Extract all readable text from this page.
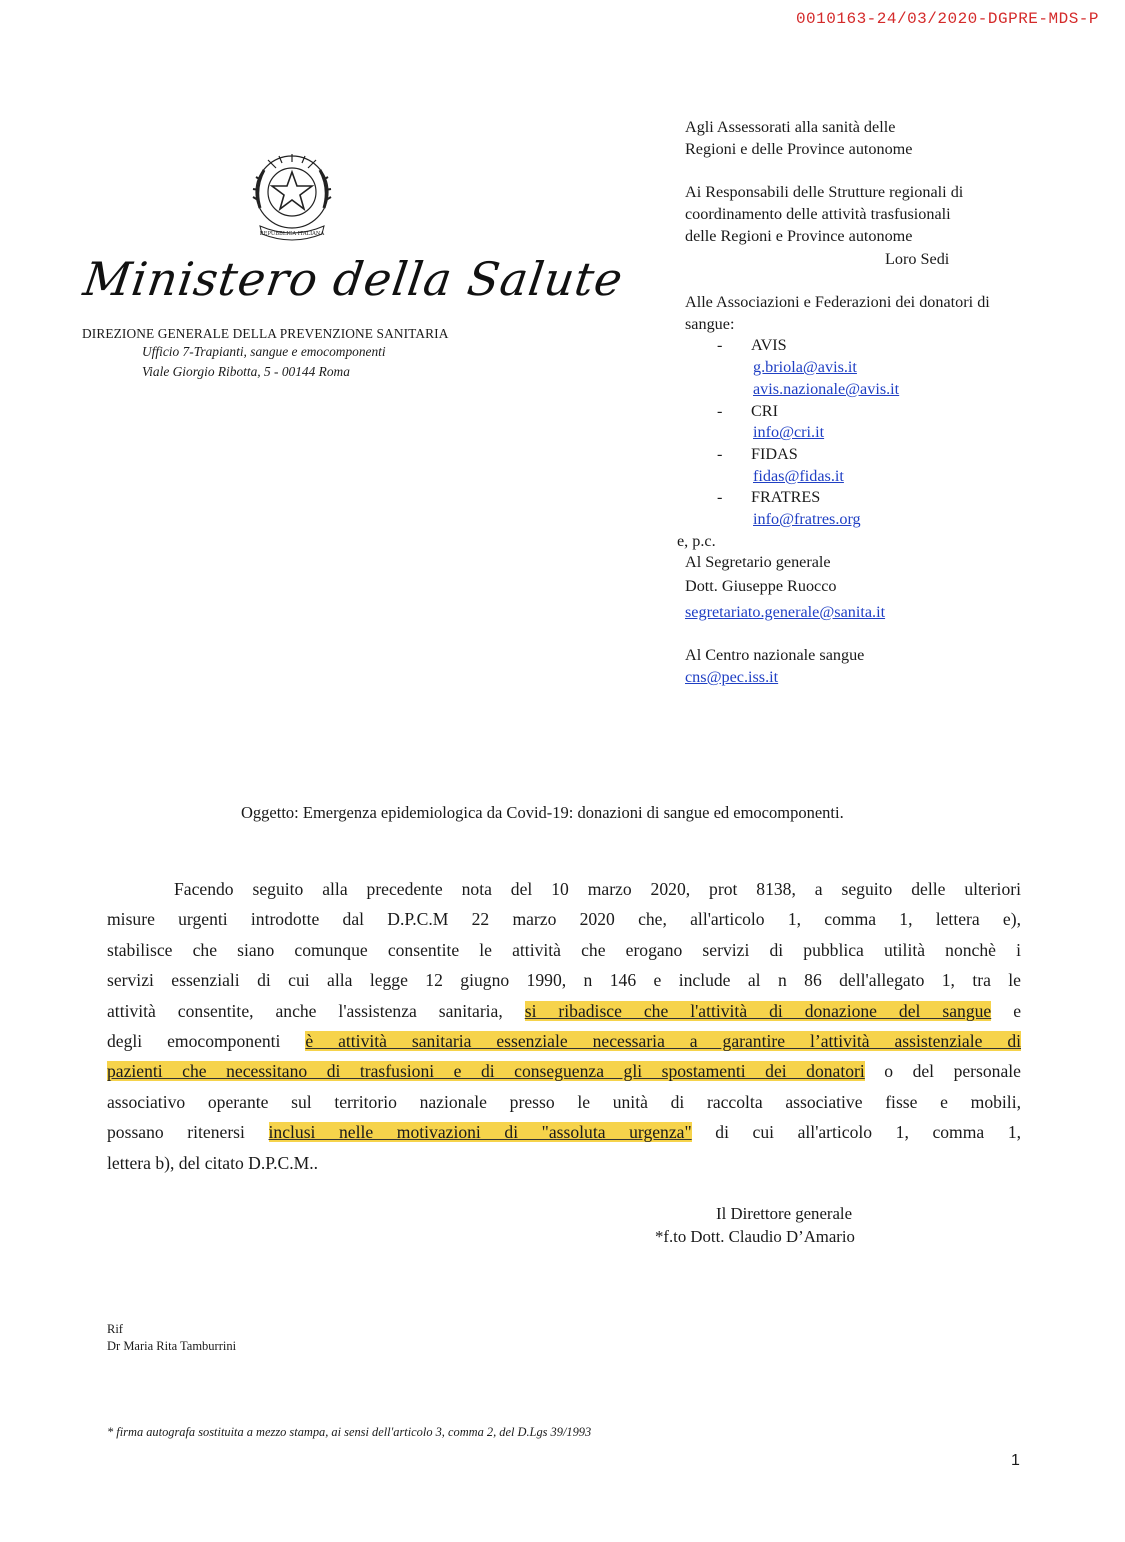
0010163-24/03/2020-DGPRE-MDS-P
REPUBBLICA ITALIANA
Ministero della Salute
DIREZIONE GENERALE DELLA PREVENZIONE SANITARIA
Ufficio 7-Trapianti, sangue e emocomponenti
Viale Giorgio Ribotta, 5 - 00144 Roma
Agli Assessorati alla sanità delle
Regioni e delle Province autonome

Ai Responsabili delle Strutture regionali di
coordinamento delle attività trasfusionali
delle Regioni e Province autonome
Loro Sedi
Alle Associazioni e Federazioni dei donatori di
sangue:
- AVIS
g.briola@avis.it
avis.nazionale@avis.it
- CRI
info@cri.it
- FIDAS
fidas@fidas.it
- FRATRES
info@fratres.org
e, p.c.
Al Segretario generale
Dott. Giuseppe Ruocco
segretariato.generale@sanita.it

Al Centro nazionale sangue
cns@pec.iss.it
Oggetto: Emergenza epidemiologica da Covid-19: donazioni di sangue ed emocomponenti.
Facendo seguito alla precedente nota del 10 marzo 2020, prot 8138, a seguito delle ulteriori
misure urgenti introdotte dal D.P.C.M 22 marzo 2020 che, all'articolo 1, comma 1, lettera e),
stabilisce che siano comunque consentite le attività che erogano servizi di pubblica utilità nonchè i
servizi essenziali di cui alla legge 12 giugno 1990, n 146 e include al n 86 dell'allegato 1, tra le
attività consentite, anche l'assistenza sanitaria, si ribadisce che l'attività di donazione del sangue e
degli emocomponenti è attività sanitaria essenziale necessaria a garantire l’attività assistenziale di
pazienti che necessitano di trasfusioni e di conseguenza gli spostamenti dei donatori o del personale
associativo operante sul territorio nazionale presso le unità di raccolta associative fisse e mobili,
possano ritenersi inclusi nelle motivazioni di "assoluta urgenza" di cui all'articolo 1, comma 1,
lettera b), del citato D.P.C.M..
Il Direttore generale
*f.to Dott. Claudio D’Amario
Rif
Dr Maria Rita Tamburrini
* firma autografa sostituita a mezzo stampa, ai sensi dell'articolo 3, comma 2, del D.Lgs 39/1993
1
